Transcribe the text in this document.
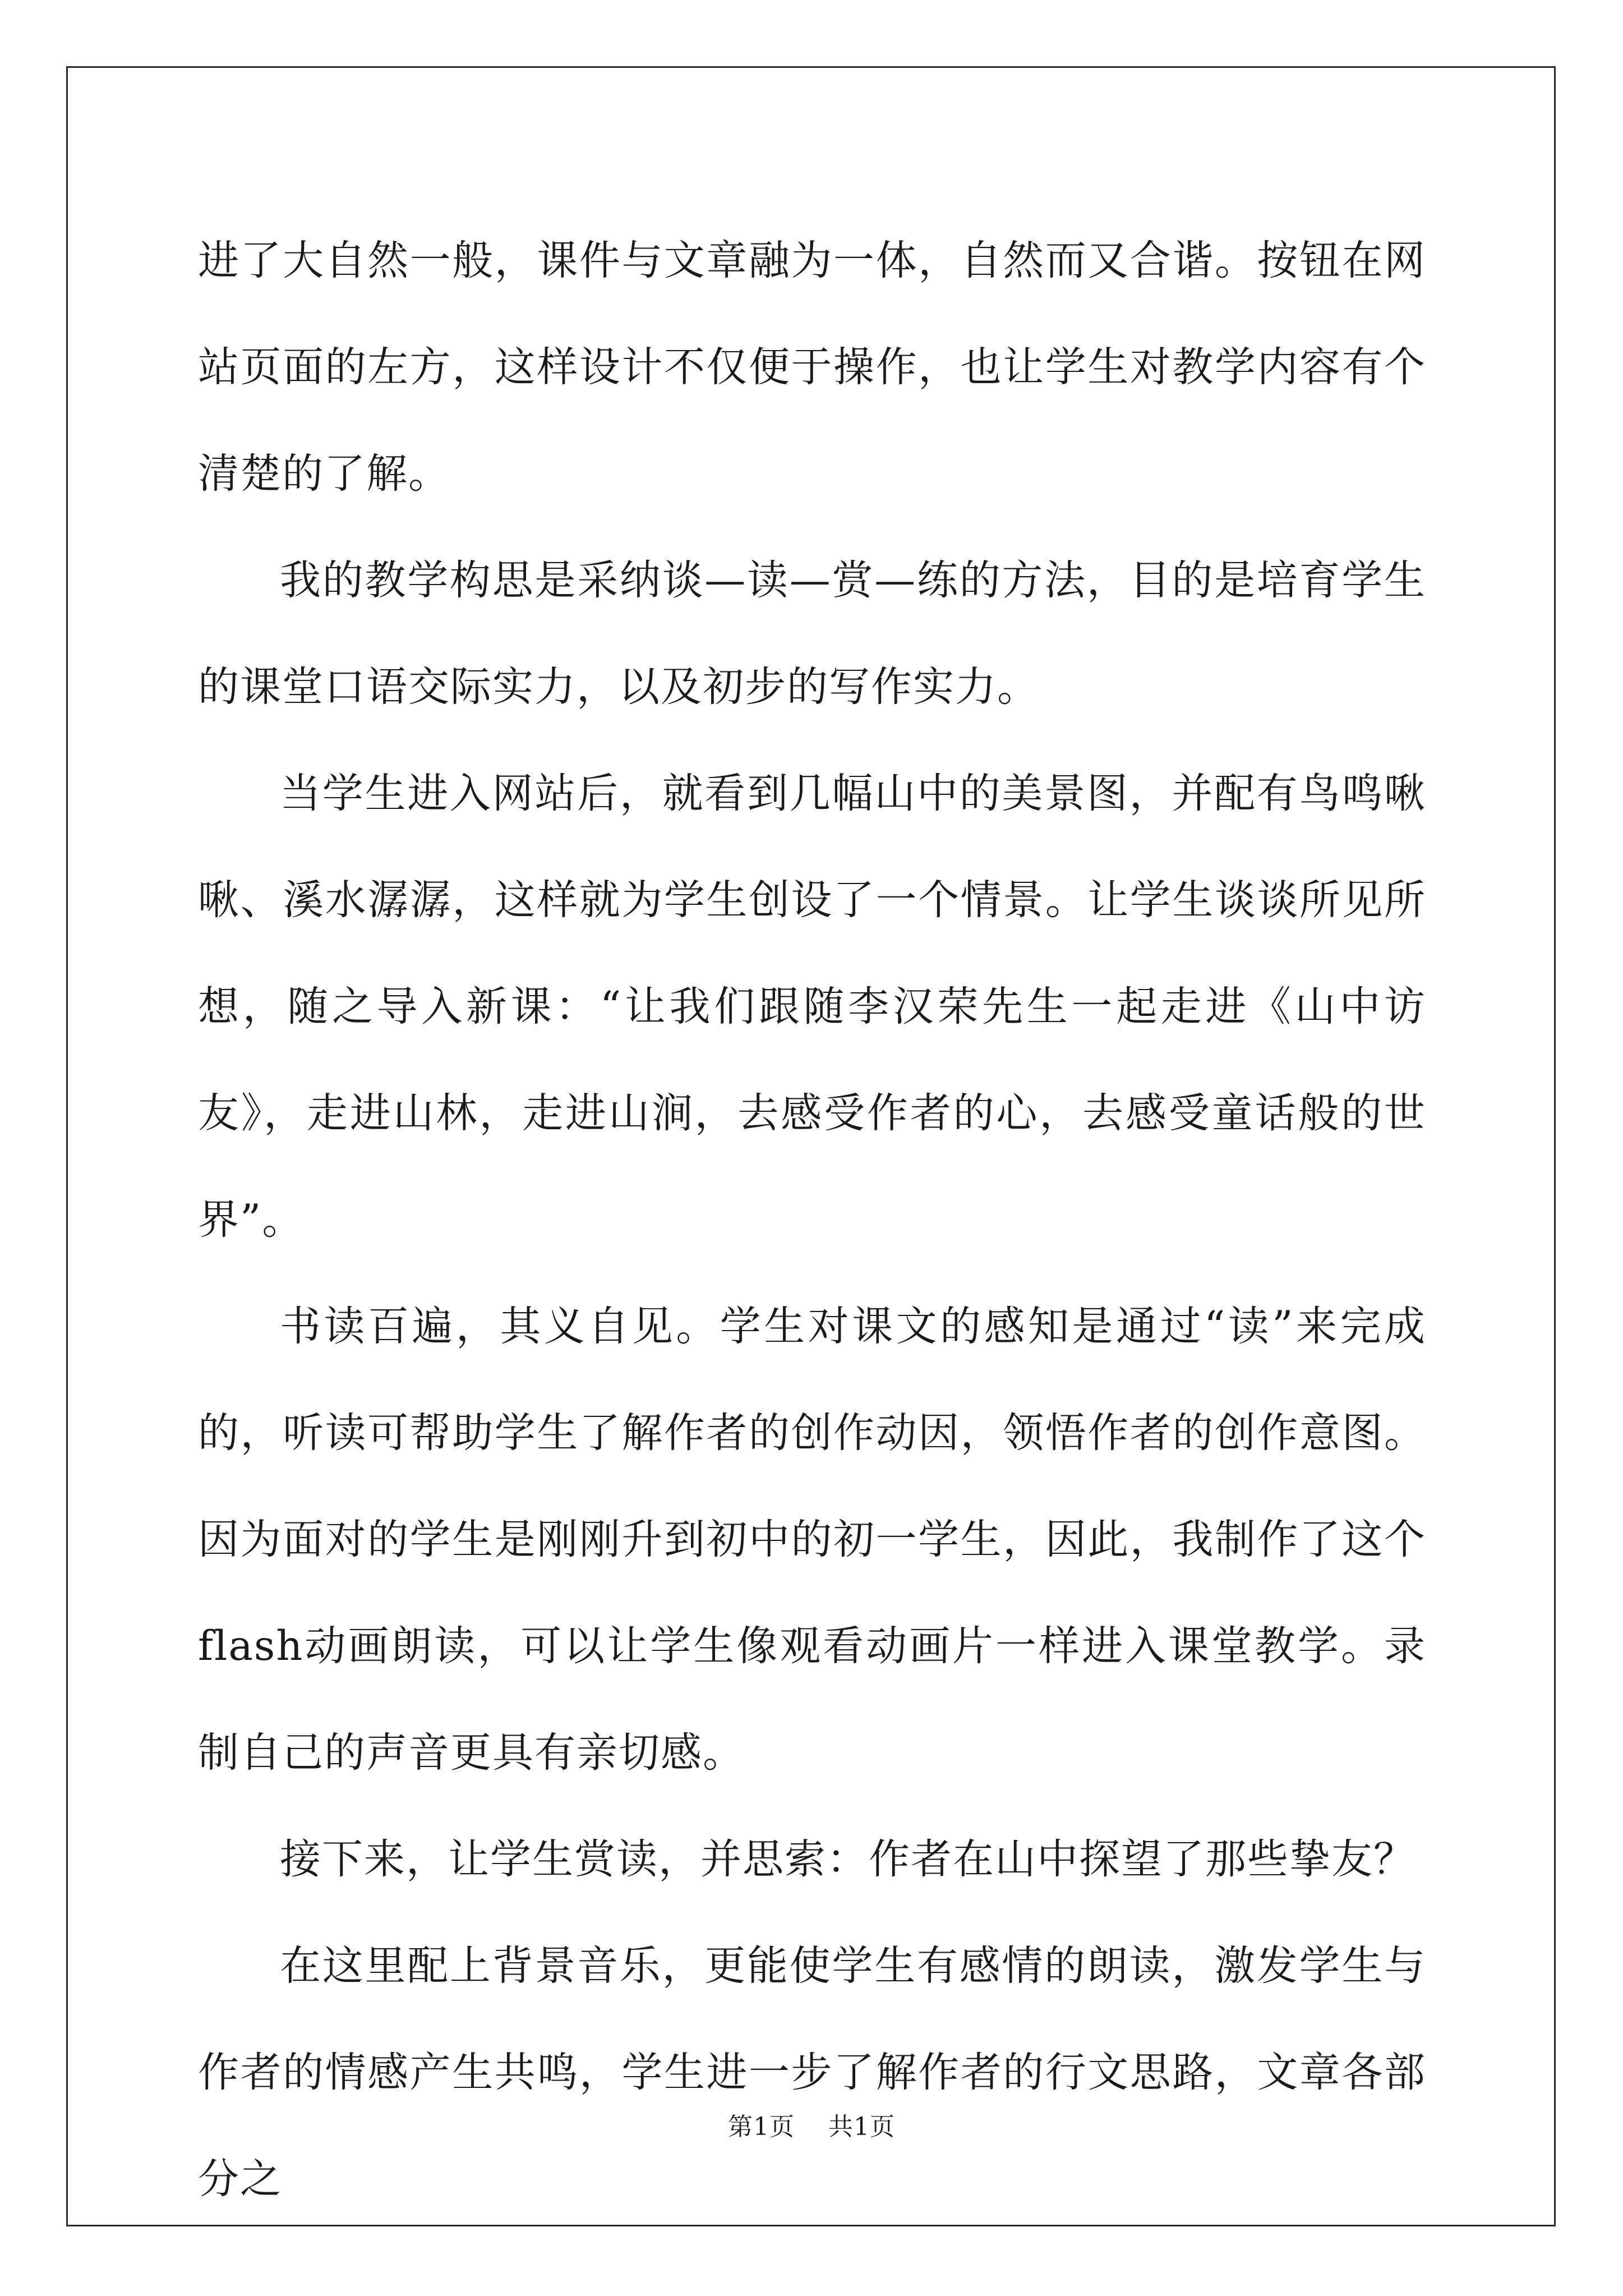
进了大自然一般，课件与文章融为一体，自然而又合谐。按钮在网站页面的左方，这样设计不仅便于操作，也让学生对教学内容有个清楚的了解。

我的教学构思是采纳谈—读—赏—练的方法，目的是培育学生的课堂口语交际实力，以及初步的写作实力。

当学生进入网站后，就看到几幅山中的美景图，并配有鸟鸣啾啾、溪水潺潺，这样就为学生创设了一个情景。让学生谈谈所见所想，随之导入新课：“让我们跟随李汉荣先生一起走进《山中访友》，走进山林，走进山涧，去感受作者的心，去感受童话般的世界”。

书读百遍，其义自见。学生对课文的感知是通过“读”来完成的，听读可帮助学生了解作者的创作动因，领悟作者的创作意图。因为面对的学生是刚刚升到初中的初一学生，因此，我制作了这个flash动画朗读，可以让学生像观看动画片一样进入课堂教学。录制自己的声音更具有亲切感。

接下来，让学生赏读，并思索：作者在山中探望了那些挚友？

在这里配上背景音乐，更能使学生有感情的朗读，激发学生与作者的情感产生共鸣，学生进一步了解作者的行文思路，文章各部分之

第1页 共1页
